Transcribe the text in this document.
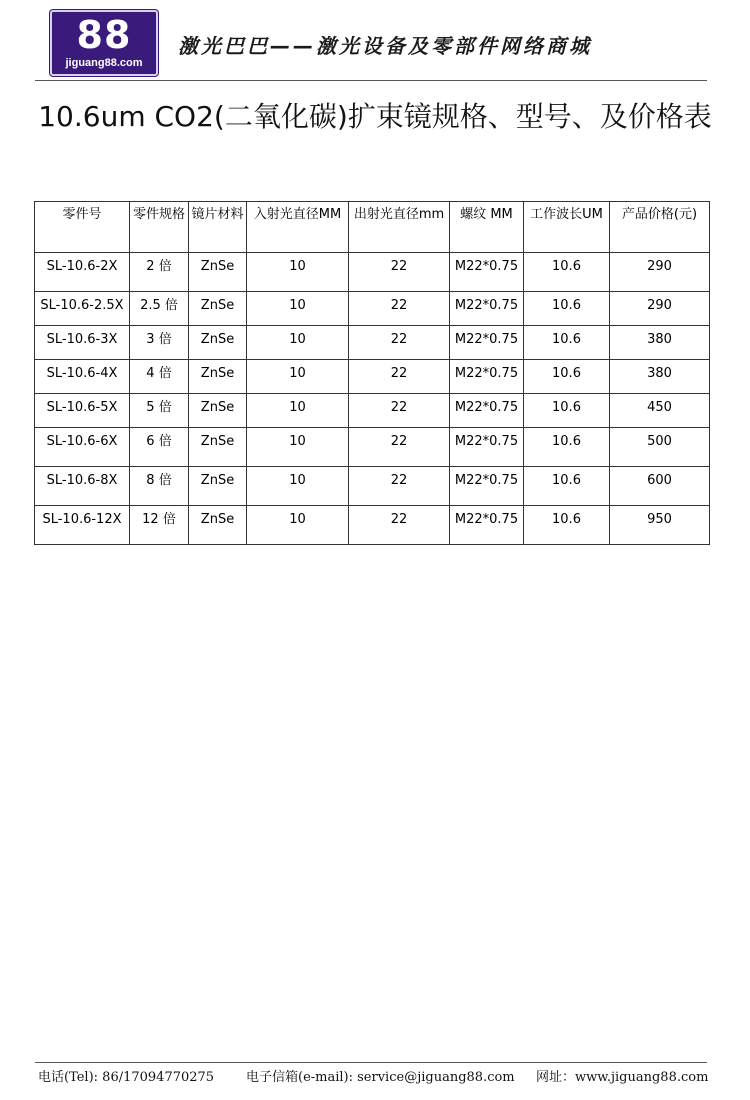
88
jiguang88.com
激光巴巴——激光设备及零部件网络商城
10.6um CO2(二氧化碳)扩束镜规格、型号、及价格表
零件号	零件规格	镜片材料	入射光直径MM	出射光直径mm	螺纹 MM	工作波长UM	产品价格(元)
SL-10.6-2X	2 倍	ZnSe	10	22	M22*0.75	10.6	290
SL-10.6-2.5X	2.5 倍	ZnSe	10	22	M22*0.75	10.6	290
SL-10.6-3X	3 倍	ZnSe	10	22	M22*0.75	10.6	380
SL-10.6-4X	4 倍	ZnSe	10	22	M22*0.75	10.6	380
SL-10.6-5X	5 倍	ZnSe	10	22	M22*0.75	10.6	450
SL-10.6-6X	6 倍	ZnSe	10	22	M22*0.75	10.6	500
SL-10.6-8X	8 倍	ZnSe	10	22	M22*0.75	10.6	600
SL-10.6-12X	12 倍	ZnSe	10	22	M22*0.75	10.6	950
电话(Tel): 86/17094770275 电子信箱(e-mail): service@jiguang88.com 网址：www.jiguang88.com
